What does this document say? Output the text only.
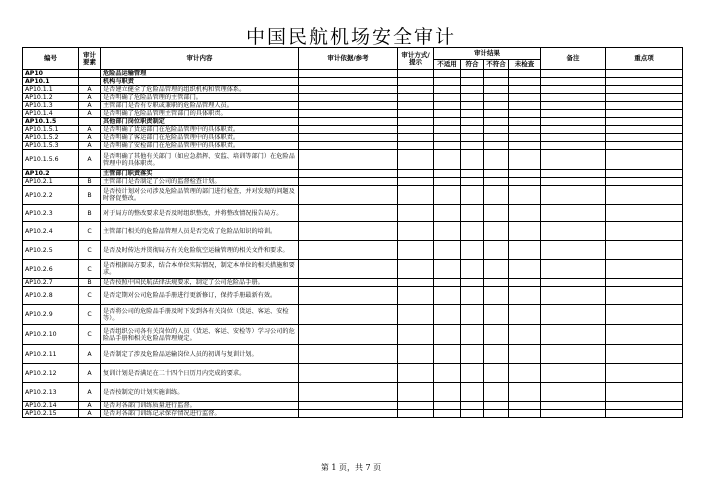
中国民航机场安全审计
编号	审计要素	审计内容	审计依据/参考	审计方式/提示	审计结果				备注	重点项
					不适用	符合	不符合	未检查		
AP10		危险品运输管理								
AP10.1		机构与职责								
AP10.1.1	A	是否建立健全了危险品管理的组织机构和管理体系。								
AP10.1.2	A	是否明确了危险品管理的主管部门。								
AP10.1.3	A	主管部门是否有专职或兼职的危险品管理人员。								
AP10.1.4	A	是否明确了危险品管理主管部门的具体职责。								
AP10.1.5		其他部门岗位职责制定								
AP10.1.5.1	A	是否明确了货运部门在危险品管理中的具体职责。								
AP10.1.5.2	A	是否明确了客运部门在危险品管理中的具体职责。								
AP10.1.5.3	A	是否明确了安检部门在危险品管理中的具体职责。								
AP10.1.5.6	A	是否明确了其他有关部门（如应急指挥、安监、培训等部门）在危险品管理中的具体职责。								
AP10.2		主管部门职责落实								
AP10.2.1	B	主管部门是否制定了公司的监督检查计划。								
AP10.2.2	B	是否按计划对公司涉及危险品管理的部门进行检查，并对发现的问题及时督促整改。								
AP10.2.3	B	对于局方的整改要求是否及时组织整改，并将整改情况报告局方。								
AP10.2.4	C	主管部门相关的危险品管理人员是否完成了危险品知识的培训。								
AP10.2.5	C	是否及时传达并贯彻局方有关危险航空运输管理的相关文件和要求。								
AP10.2.6	C	是否根据局方要求，结合本单位实际情况，制定本单位的相关措施和要求。								
AP10.2.7	B	是否按照中国民航法律法规要求，制定了公司危险品手册。								
AP10.2.8	C	是否定期对公司危险品手册进行更新修订，保持手册最新有效。								
AP10.2.9	C	是否将公司的危险品手册及时下发到各有关岗位（货运、客运、安检等）。								
AP10.2.10	C	是否组织公司各有关岗位的人员（货运、客运、安检等）学习公司的危险品手册和相关危险品管理规定。								
AP10.2.11	A	是否制定了涉及危险品运输岗位人员的初训与复训计划。								
AP10.2.12	A	复训计划是否满足在二十四个日历月内完成的要求。								
AP10.2.13	A	是否按制定的计划实施训练。								
AP10.2.14	A	是否对各部门训练质量进行监督。								
AP10.2.15	A	是否对各部门训练记录保存情况进行监督。								
第 1 页，共 7 页
